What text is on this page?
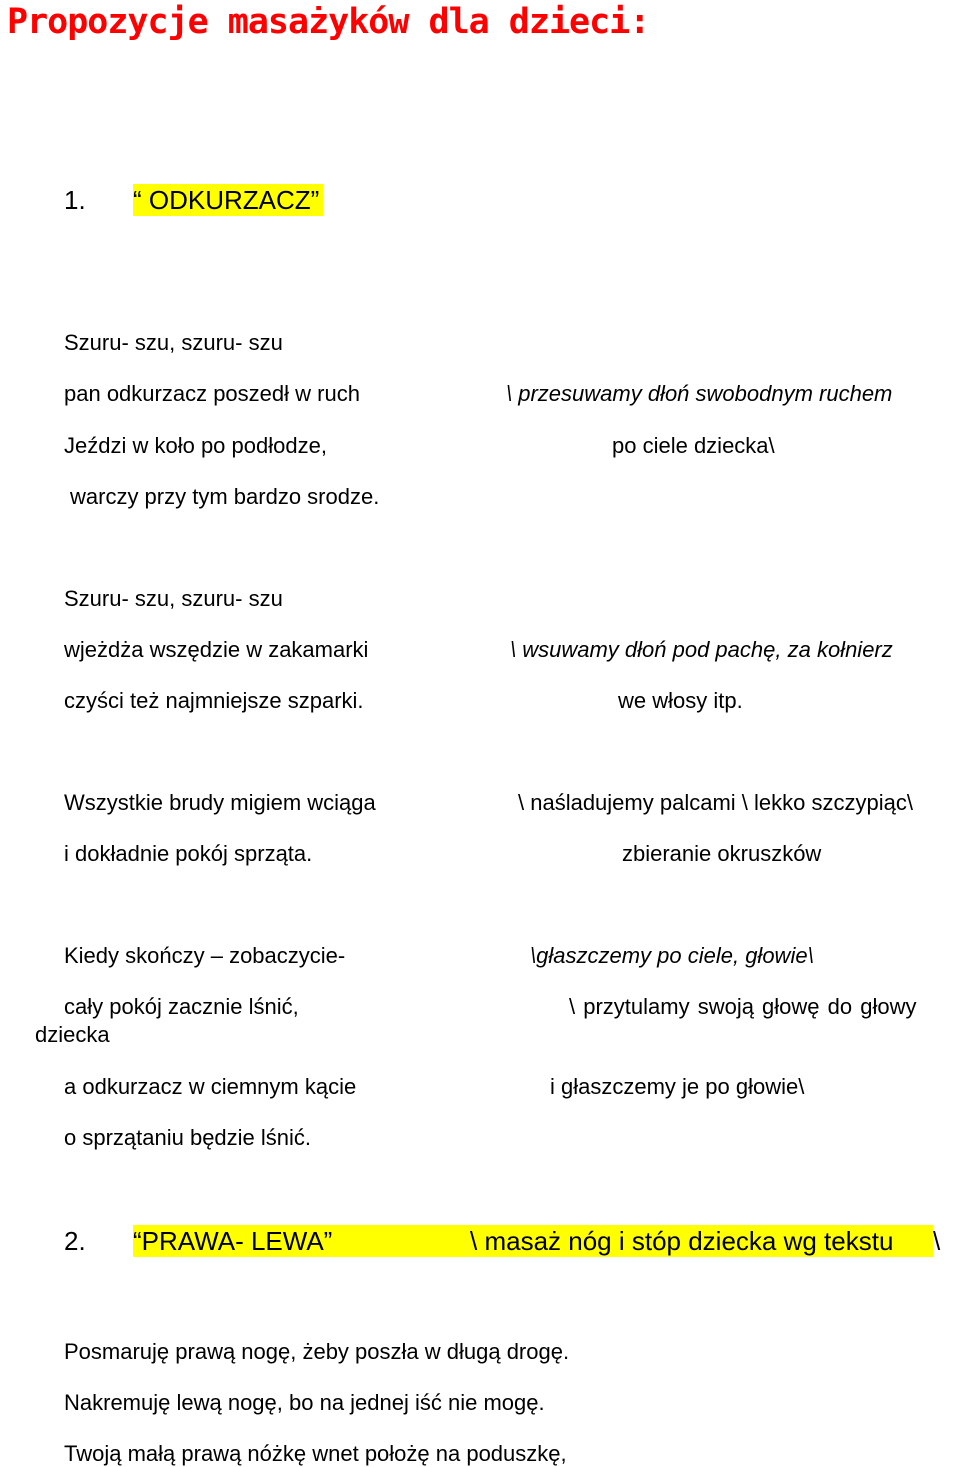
Propozycje masażyków dla dzieci:
1. “ ODKURZACZ”
Szuru- szu, szuru- szu
pan odkurzacz poszedł w ruch
Jeździ w koło po podłodze,
warczy przy tym bardzo srodze.
\ przesuwamy dłoń swobodnym ruchem
po ciele dziecka\
Szuru- szu, szuru- szu
wjeżdża wszędzie w zakamarki
czyści też najmniejsze szparki.
\ wsuwamy dłoń pod pachę, za kołnierz
we włosy itp.
Wszystkie brudy migiem wciąga
i dokładnie pokój sprząta.
\ naśladujemy palcami \ lekko szczypiąc\
zbieranie okruszków
Kiedy skończy – zobaczycie-
cały pokój zacznie lśnić,
a odkurzacz w ciemnym kącie
o sprzątaniu będzie lśnić.
\głaszczemy po ciele, głowie\
\ przytulamy swoją głowę do głowy
dziecka
i głaszczemy je po głowie\
2. “PRAWA- LEWA”	\ masaż nóg i stóp dziecka wg tekstu \
Posmaruję prawą nogę, żeby poszła w długą drogę.
Nakremuję lewą nogę, bo na jednej iść nie mogę.
Twoją małą prawą nóżkę wnet położę na poduszkę,
